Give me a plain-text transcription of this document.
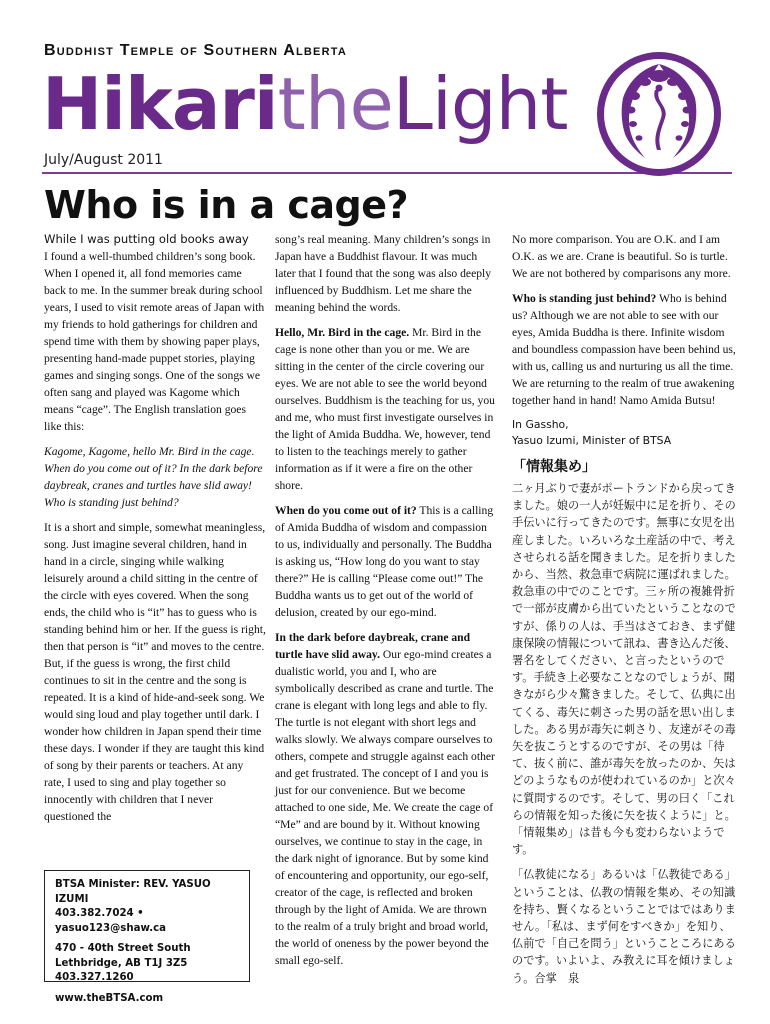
Buddhist Temple of Southern Alberta
HikaritheLight
July/August 2011
Who is in a cage?

While I was putting old books away
I found a well-thumbed children’s song book. When I opened it, all fond memories came back to me. In the summer break during school years, I used to visit remote areas of Japan with my friends to hold gatherings for children and spend time with them by showing paper plays, presenting hand-made puppet stories, playing games and singing songs. One of the songs we often sang and played was Kagome which means “cage”. The English translation goes like this:

Kagome, Kagome, hello Mr. Bird in the cage. When do you come out of it? In the dark before daybreak, cranes and turtles have slid away! Who is standing just behind?

It is a short and simple, somewhat meaningless, song. Just imagine several children, hand in hand in a circle, singing while walking leisurely around a child sitting in the centre of the circle with eyes covered. When the song ends, the child who is “it” has to guess who is standing behind him or her. If the guess is right, then that person is “it” and moves to the centre. But, if the guess is wrong, the first child continues to sit in the centre and the song is repeated. It is a kind of hide-and-seek song. We would sing loud and play together until dark. I wonder how children in Japan spend their time these days. I wonder if they are taught this kind of song by their parents or teachers. At any rate, I used to sing and play together so innocently with children that I never questioned the

song’s real meaning. Many children’s songs in Japan have a Buddhist flavour. It was much later that I found that the song was also deeply influenced by Buddhism. Let me share the meaning behind the words.

Hello, Mr. Bird in the cage. Mr. Bird in the cage is none other than you or me. We are sitting in the center of the circle covering our eyes. We are not able to see the world beyond ourselves. Buddhism is the teaching for us, you and me, who must first investigate ourselves in the light of Amida Buddha. We, however, tend to listen to the teachings merely to gather information as if it were a fire on the other shore.

When do you come out of it? This is a calling of Amida Buddha of wisdom and compassion to us, individually and personally. The Buddha is asking us, “How long do you want to stay there?” He is calling “Please come out!” The Buddha wants us to get out of the world of delusion, created by our ego-mind.

In the dark before daybreak, crane and turtle have slid away. Our ego-mind creates a dualistic world, you and I, who are symbolically described as crane and turtle. The crane is elegant with long legs and able to fly. The turtle is not elegant with short legs and walks slowly. We always compare ourselves to others, compete and struggle against each other and get frustrated. The concept of I and you is just for our convenience. But we become attached to one side, Me. We create the cage of “Me” and are bound by it. Without knowing ourselves, we continue to stay in the cage, in the dark night of ignorance. But by some kind of encountering and opportunity, our ego-self, creator of the cage, is reflected and broken through by the light of Amida. We are thrown to the realm of a truly bright and broad world, the world of oneness by the power beyond the small ego-self.

No more comparison. You are O.K. and I am O.K. as we are. Crane is beautiful. So is turtle. We are not bothered by comparisons any more.

Who is standing just behind? Who is behind us? Although we are not able to see with our eyes, Amida Buddha is there. Infinite wisdom and boundless compassion have been behind us, with us, calling us and nurturing us all the time. We are returning to the realm of true awakening together hand in hand! Namo Amida Butsu!

In Gassho,
Yasuo Izumi, Minister of BTSA
「情報集め」

二ヶ月ぶりで妻がポートランドから戻ってきました。娘の一人が妊娠中に足を折り、その手伝いに行ってきたのです。無事に女児を出産しました。いろいろな土産話の中で、考えさせられる話を聞きました。足を折りましたから、当然、救急車で病院に運ばれました。救急車の中でのことです。三ヶ所の複雑骨折で一部が皮膚から出ていたということなのですが、係りの人は、手当はさておき、まず健康保険の情報について訊ね、書き込んだ後、署名をしてください、と言ったというのです。手続き上必要なことなのでしょうが、聞きながら少々驚きました。そして、仏典に出てくる、毒矢に刺さった男の話を思い出しました。ある男が毒矢に刺さり、友達がその毒矢を抜こうとするのですが、その男は「待て、抜く前に、誰が毒矢を放ったのか、矢はどのようなものが使われているのか」と次々に質問するのです。そして、男の曰く「これらの情報を知った後に矢を抜くように」と。「情報集め」は昔も今も変わらないようです。

「仏教徒になる」あるいは「仏教徒である」ということは、仏教の情報を集め、その知識を持ち、賢くなるということではではありません。「私は、まず何をすべきか」を知り、仏前で「自己を問う」ということころにあるのです。いよいよ、み教えに耳を傾けましょう。合掌　泉

BTSA Minister: REV. YASUO IZUMI
403.382.7024 • yasuo123@shaw.ca
470 - 40th Street South
Lethbridge, AB T1J 3Z5
403.327.1260
www.theBTSA.com
